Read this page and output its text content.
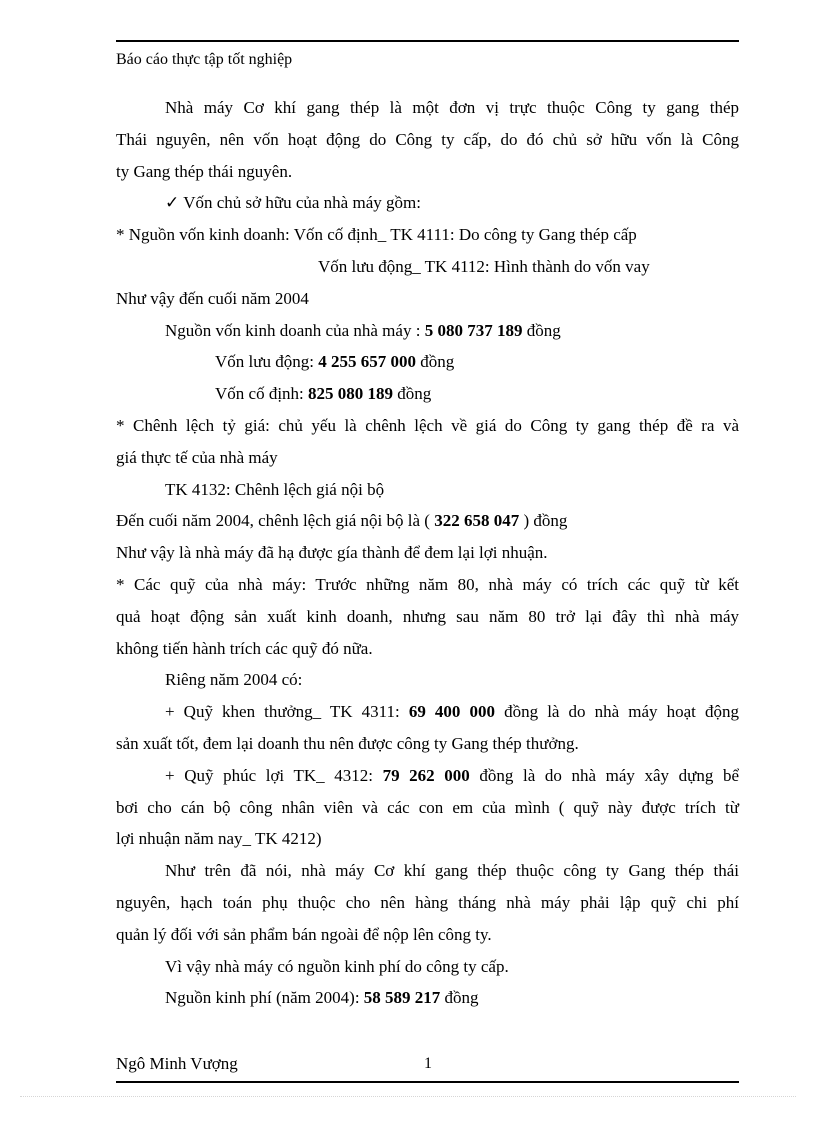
Báo cáo thực tập tốt nghiệp
Nhà máy Cơ khí gang thép là một đơn vị trực thuộc Công ty gang thép
Thái nguyên, nên vốn hoạt động do Công ty cấp, do đó chủ sở hữu vốn là Công
ty Gang thép thái nguyên.
✓ Vốn chủ sở hữu của nhà máy gồm:
* Nguồn vốn kinh doanh: Vốn cố định_ TK 4111: Do công ty Gang thép cấp
Vốn lưu động_ TK 4112: Hình thành do vốn vay
Như vậy đến cuối năm 2004
Nguồn vốn kinh doanh của nhà máy : 5 080 737 189 đồng
Vốn lưu động: 4 255 657 000 đồng
Vốn cố định: 825 080 189 đồng
* Chênh lệch tỷ giá: chủ yếu là chênh lệch về giá do Công ty gang thép đề ra và
giá thực tế của nhà máy
TK 4132: Chênh lệch giá nội bộ
Đến cuối năm 2004, chênh lệch giá nội bộ là ( 322 658 047 ) đồng
Như vậy là nhà máy đã hạ được gía thành để đem lại lợi nhuận.
* Các quỹ của nhà máy: Trước những năm 80, nhà máy có trích các quỹ từ kết
quả hoạt động sản xuất kinh doanh, nhưng sau năm 80 trở lại đây thì nhà máy
không tiến hành trích các quỹ đó nữa.
Riêng năm 2004 có:
+ Quỹ khen thưởng_ TK 4311: 69 400 000 đồng là do nhà máy hoạt động
sản xuất tốt, đem lại doanh thu nên được công ty Gang thép thưởng.
+ Quỹ phúc lợi TK_ 4312: 79 262 000 đồng là do nhà máy xây dựng bể
bơi cho cán bộ công nhân viên và các con em của mình ( quỹ này được trích từ
lợi nhuận năm nay_ TK 4212)
Như trên đã nói, nhà máy Cơ khí gang thép thuộc công ty Gang thép thái
nguyên, hạch toán phụ thuộc cho nên hàng tháng nhà máy phải lập quỹ chi phí
quản lý đối với sản phẩm bán ngoài để nộp lên công ty.
Vì vậy nhà máy có nguồn kinh phí do công ty cấp.
Nguồn kinh phí (năm 2004): 58 589 217 đồng
Ngô Minh Vượng	1
